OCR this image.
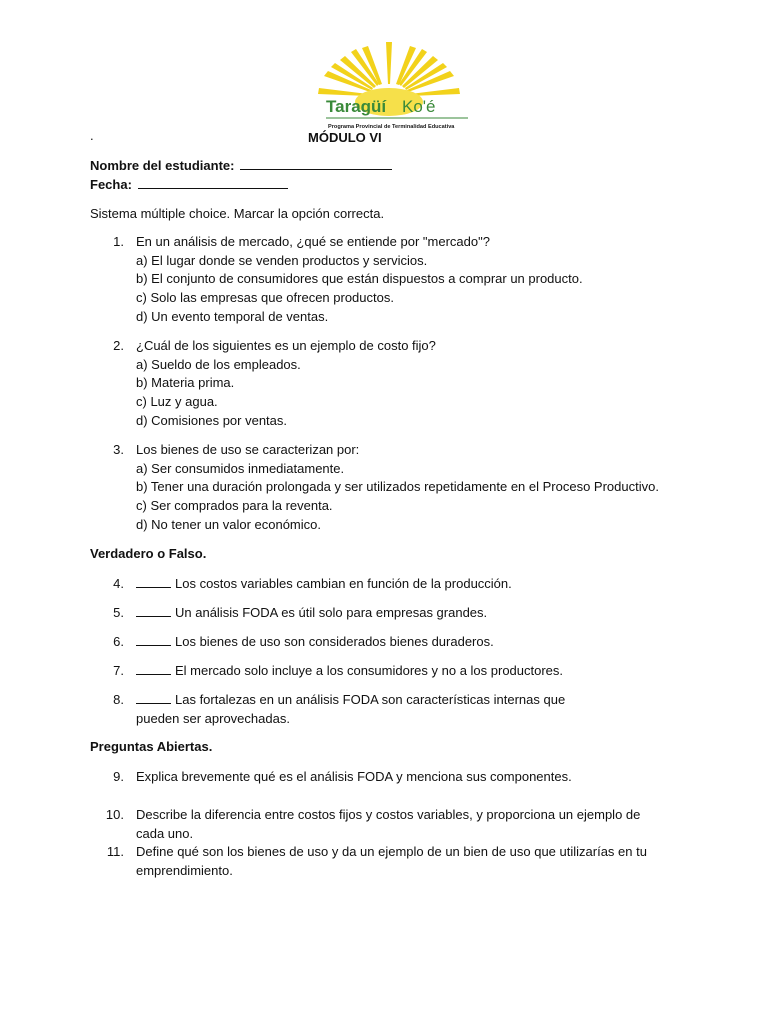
Taragüí Ko'é
Programa Provincial de Terminalidad Educativa
.	MÓDULO VI
Nombre del estudiante:
Fecha:
Sistema múltiple choice. Marcar la opción correcta.
1. En un análisis de mercado, ¿qué se entiende por "mercado"?
a) El lugar donde se venden productos y servicios.
b) El conjunto de consumidores que están dispuestos a comprar un producto.
c) Solo las empresas que ofrecen productos.
d) Un evento temporal de ventas.
2. ¿Cuál de los siguientes es un ejemplo de costo fijo?
a) Sueldo de los empleados.
b) Materia prima.
c) Luz y agua.
d) Comisiones por ventas.
3. Los bienes de uso se caracterizan por:
a) Ser consumidos inmediatamente.
b) Tener una duración prolongada y ser utilizados repetidamente en el Proceso Productivo.
c) Ser comprados para la reventa.
d) No tener un valor económico.
Verdadero o Falso.
4.	Los costos variables cambian en función de la producción.
5.	Un análisis FODA es útil solo para empresas grandes.
6.	Los bienes de uso son considerados bienes duraderos.
7.	El mercado solo incluye a los consumidores y no a los productores.
8.	Las fortalezas en un análisis FODA son características internas que pueden ser aprovechadas.
Preguntas Abiertas.
9. Explica brevemente qué es el análisis FODA y menciona sus componentes.
10. Describe la diferencia entre costos fijos y costos variables, y proporciona un ejemplo de cada uno.
11. Define qué son los bienes de uso y da un ejemplo de un bien de uso que utilizarías en tu emprendimiento.
